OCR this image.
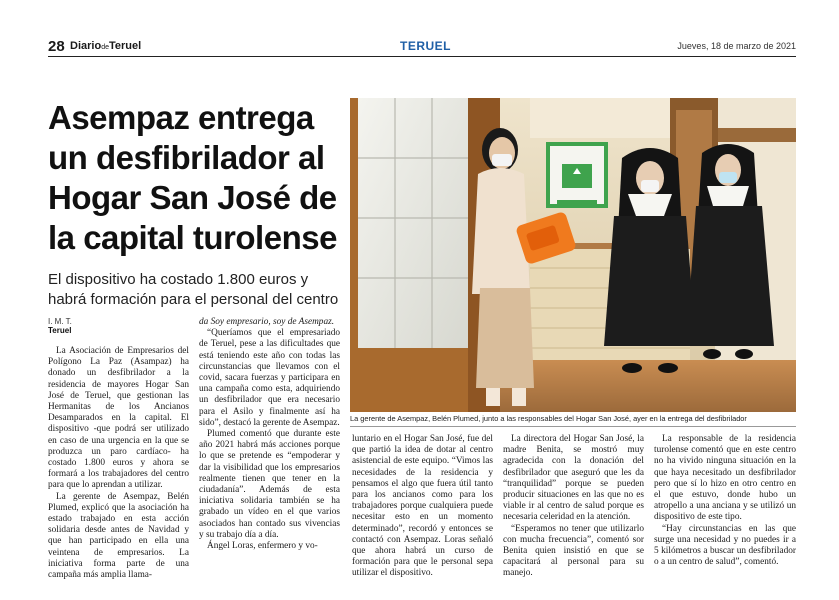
28 DiariodeTeruel	TERUEL	Jueves, 18 de marzo de 2021
Asempaz entrega
un desfibrilador al
Hogar San José de
la capital turolense
El dispositivo ha costado 1.800 euros y
habrá formación para el personal del centro
I. M. T.
Teruel

La Asociación de Empresarios del Polígono La Paz (Asampaz) ha donado un desfibrilador a la residencia de mayores Hogar San José de Teruel, que gestionan las Hermanitas de los Ancianos Desamparados en la capital. El dispositivo -que podrá ser utilizado en caso de una urgencia en la que se produzca un paro cardíaco- ha costado 1.800 euros y ahora se formará a los trabajadores del centro para que lo aprendan a utilizar.

La gerente de Asempaz, Belén Plumed, explicó que la asociación ha estado trabajado en esta acción solidaria desde antes de Navidad y que han participado en ella una veintena de empresarios. La iniciativa forma parte de una campaña más amplia llama-

da Soy empresario, soy de Asempaz.

“Queríamos que el empresariado de Teruel, pese a las dificultades que está teniendo este año con todas las circunstancias que llevamos con el covid, sacara fuerzas y participara en una campaña como esta, adquiriendo un desfibrilador que era necesario para el Asilo y finalmente así ha sido”, destacó la gerente de Asempaz.

Plumed comentó que durante este año 2021 habrá más acciones porque lo que se pretende es “empoderar y dar la visibilidad que los empresarios realmente tienen que tener en la ciudadanía”. Además de esta iniciativa solidaria también se ha grabado un vídeo en el que varios asociados han contado sus vivencias y su trabajo día a día.

Ángel Loras, enfermero y vo-

La gerente de Asempaz, Belén Plumed, junto a las responsables del Hogar San José, ayer en la entrega del desfibrilador

luntario en el Hogar San José, fue del que partió la idea de dotar al centro asistencial de este equipo. “Vimos las necesidades de la residencia y pensamos el algo que fuera útil tanto para los ancianos como para los trabajadores porque cualquiera puede necesitar esto en un momento determinado”, recordó y entonces se contactó con Asempaz. Loras señaló que ahora habrá un curso de formación para que le personal sepa utilizar el dispositivo.

La directora del Hogar San José, la madre Benita, se mostró muy agradecida con la donación del desfibrilador que aseguró que les da “tranquilidad” porque se pueden producir situaciones en las que no es viable ir al centro de salud porque es necesaria celeridad en la atención.

“Esperamos no tener que utilizarlo con mucha frecuencia”, comentó sor Benita quien insistió en que se capacitará al personal para su manejo.

La responsable de la residencia turolense comentó que en este centro no ha vivido ninguna situación en la que haya necesitado un desfibrilador pero que sí lo hizo en otro centro en el que estuvo, donde hubo un atropello a una anciana y se utilizó un dispositivo de este tipo.

“Hay circunstancias en las que surge una necesidad y no puedes ir a 5 kilómetros a buscar un desfibrilador o a un centro de salud”, comentó.
